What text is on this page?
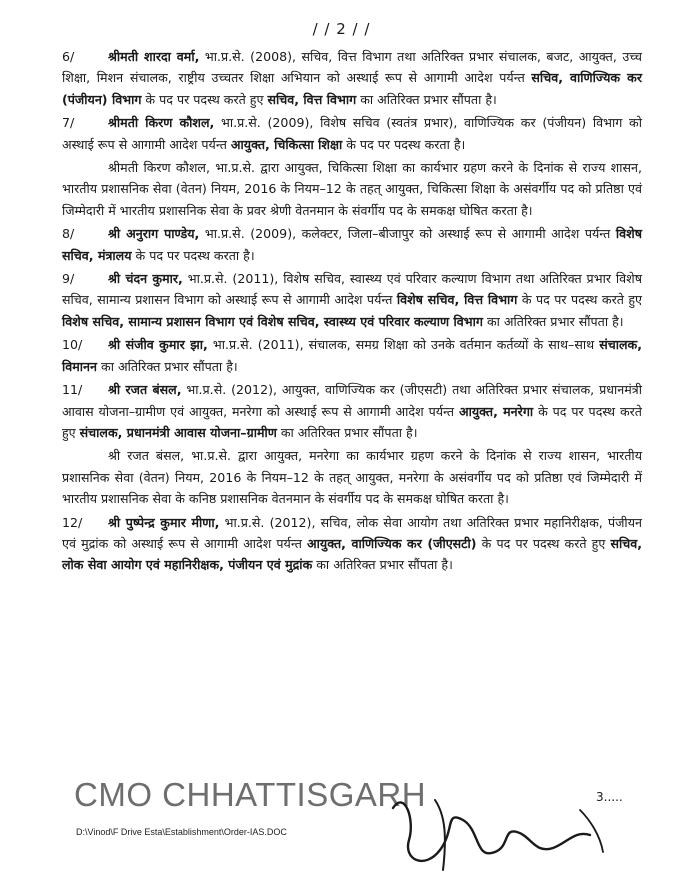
/ / 2 / /

6/	श्रीमती शारदा वर्मा, भा.प्र.से. (2008), सचिव, वित्त विभाग तथा अतिरिक्त प्रभार संचालक, बजट, आयुक्त, उच्च शिक्षा, मिशन संचालक, राष्ट्रीय उच्चतर शिक्षा अभियान को अस्थाई रूप से आगामी आदेश पर्यन्त सचिव, वाणिज्यिक कर (पंजीयन) विभाग के पद पर पदस्थ करते हुए सचिव, वित्त विभाग का अतिरिक्त प्रभार सौंपता है।

7/	श्रीमती किरण कौशल, भा.प्र.से. (2009), विशेष सचिव (स्वतंत्र प्रभार), वाणिज्यिक कर (पंजीयन) विभाग को अस्थाई रूप से आगामी आदेश पर्यन्त आयुक्त, चिकित्सा शिक्षा के पद पर पदस्थ करता है।

श्रीमती किरण कौशल, भा.प्र.से. द्वारा आयुक्त, चिकित्सा शिक्षा का कार्यभार ग्रहण करने के दिनांक से राज्य शासन, भारतीय प्रशासनिक सेवा (वेतन) नियम, 2016 के नियम–12 के तहत् आयुक्त, चिकित्सा शिक्षा के असंवर्गीय पद को प्रतिष्ठा एवं जिम्मेदारी में भारतीय प्रशासनिक सेवा के प्रवर श्रेणी वेतनमान के संवर्गीय पद के समकक्ष घोषित करता है।

8/	श्री अनुराग पाण्डेय, भा.प्र.से. (2009), कलेक्टर, जिला–बीजापुर को अस्थाई रूप से आगामी आदेश पर्यन्त विशेष सचिव, मंत्रालय के पद पर पदस्थ करता है।

9/	श्री चंदन कुमार, भा.प्र.से. (2011), विशेष सचिव, स्वास्थ्य एवं परिवार कल्याण विभाग तथा अतिरिक्त प्रभार विशेष सचिव, सामान्य प्रशासन विभाग को अस्थाई रूप से आगामी आदेश पर्यन्त विशेष सचिव, वित्त विभाग के पद पर पदस्थ करते हुए विशेष सचिव, सामान्य प्रशासन विभाग एवं विशेष सचिव, स्वास्थ्य एवं परिवार कल्याण विभाग का अतिरिक्त प्रभार सौंपता है।

10/ श्री संजीव कुमार झा, भा.प्र.से. (2011), संचालक, समग्र शिक्षा को उनके वर्तमान कर्तव्यों के साथ–साथ संचालक, विमानन का अतिरिक्त प्रभार सौंपता है।

11/ श्री रजत बंसल, भा.प्र.से. (2012), आयुक्त, वाणिज्यिक कर (जीएसटी) तथा अतिरिक्त प्रभार संचालक, प्रधानमंत्री आवास योजना–ग्रामीण एवं आयुक्त, मनरेगा को अस्थाई रूप से आगामी आदेश पर्यन्त आयुक्त, मनरेगा के पद पर पदस्थ करते हुए संचालक, प्रधानमंत्री आवास योजना–ग्रामीण का अतिरिक्त प्रभार सौंपता है।

श्री रजत बंसल, भा.प्र.से. द्वारा आयुक्त, मनरेगा का कार्यभार ग्रहण करने के दिनांक से राज्य शासन, भारतीय प्रशासनिक सेवा (वेतन) नियम, 2016 के नियम–12 के तहत् आयुक्त, मनरेगा के असंवर्गीय पद को प्रतिष्ठा एवं जिम्मेदारी में भारतीय प्रशासनिक सेवा के कनिष्ठ प्रशासनिक वेतनमान के संवर्गीय पद के समकक्ष घोषित करता है।

12/ श्री पुष्पेन्द्र कुमार मीणा, भा.प्र.से. (2012), सचिव, लोक सेवा आयोग तथा अतिरिक्त प्रभार महानिरीक्षक, पंजीयन एवं मुद्रांक को अस्थाई रूप से आगामी आदेश पर्यन्त आयुक्त, वाणिज्यिक कर (जीएसटी) के पद पर पदस्थ करते हुए सचिव, लोक सेवा आयोग एवं महानिरीक्षक, पंजीयन एवं मुद्रांक का अतिरिक्त प्रभार सौंपता है।

CMO CHHATTISGARH	3.....
D:\Vinod\F Drive Esta\Establishment\Order-IAS.DOC
